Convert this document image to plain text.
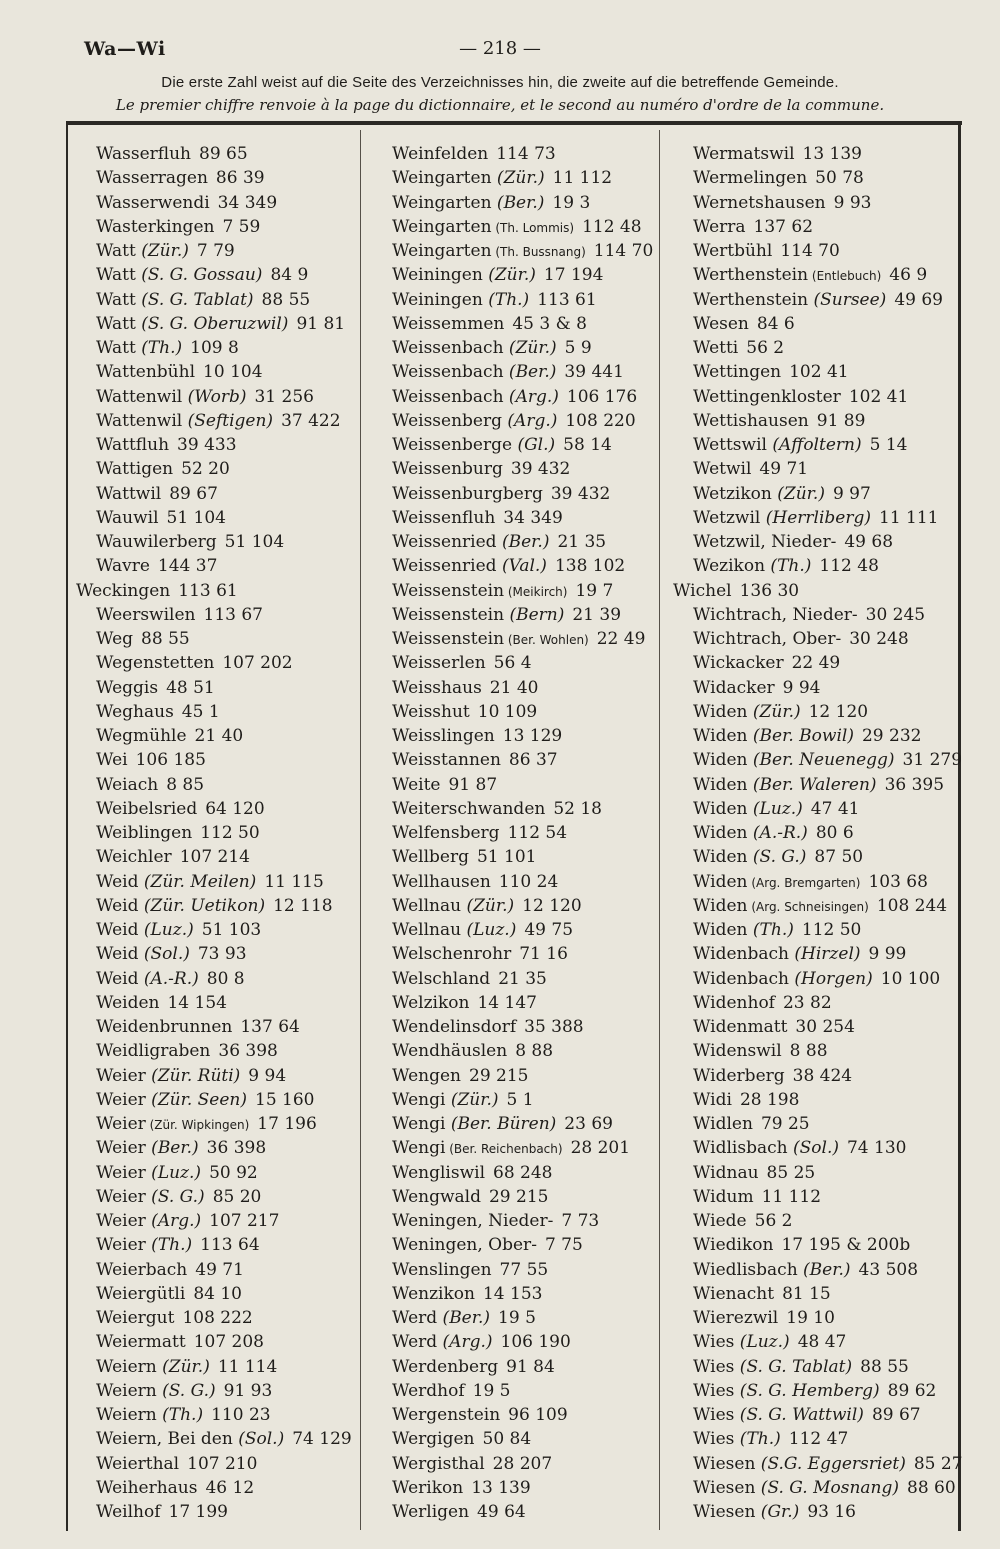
Wa—Wi	— 218 —
Die erste Zahl weist auf die Seite des Verzeichnisses hin, die zweite auf die betreffende Gemeinde.
Le premier chiffre renvoie à la page du dictionnaire, et le second au numéro d'ordre de la commune.
Wasserfluh 89 65
Wasserragen 86 39
Wasserwendi 34 349
Wasterkingen 7 59
Watt (Zür.) 7 79
Watt (S. G. Gossau) 84 9
Watt (S. G. Tablat) 88 55
Watt (S. G. Oberuzwil) 91 81
Watt (Th.) 109 8
Wattenbühl 10 104
Wattenwil (Worb) 31 256
Wattenwil (Seftigen) 37 422
Wattfluh 39 433
Wattigen 52 20
Wattwil 89 67
Wauwil 51 104
Wauwilerberg 51 104
Wavre 144 37
Weckingen 113 61
Weerswilen 113 67
Weg 88 55
Wegenstetten 107 202
Weggis 48 51
Weghaus 45 1
Wegmühle 21 40
Wei 106 185
Weiach 8 85
Weibelsried 64 120
Weiblingen 112 50
Weichler 107 214
Weid (Zür. Meilen) 11 115
Weid (Zür. Uetikon) 12 118
Weid (Luz.) 51 103
Weid (Sol.) 73 93
Weid (A.-R.) 80 8
Weiden 14 154
Weidenbrunnen 137 64
Weidligraben 36 398
Weier (Zür. Rüti) 9 94
Weier (Zür. Seen) 15 160
Weier (Zür. Wipkingen) 17 196
Weier (Ber.) 36 398
Weier (Luz.) 50 92
Weier (S. G.) 85 20
Weier (Arg.) 107 217
Weier (Th.) 113 64
Weierbach 49 71
Weiergütli 84 10
Weiergut 108 222
Weiermatt 107 208
Weiern (Zür.) 11 114
Weiern (S. G.) 91 93
Weiern (Th.) 110 23
Weiern, Bei den (Sol.) 74 129
Weierthal 107 210
Weiherhaus 46 12
Weilhof 17 199
Weinfelden 114 73
Weingarten (Zür.) 11 112
Weingarten (Ber.) 19 3
Weingarten (Th. Lommis) 112 48
Weingarten (Th. Bussnang) 114 70
Weiningen (Zür.) 17 194
Weiningen (Th.) 113 61
Weissemmen 45 3 & 8
Weissenbach (Zür.) 5 9
Weissenbach (Ber.) 39 441
Weissenbach (Arg.) 106 176
Weissenberg (Arg.) 108 220
Weissenberge (Gl.) 58 14
Weissenburg 39 432
Weissenburgberg 39 432
Weissenfluh 34 349
Weissenried (Ber.) 21 35
Weissenried (Val.) 138 102
Weissenstein (Meikirch) 19 7
Weissenstein (Bern) 21 39
Weissenstein (Ber. Wohlen) 22 49
Weisserlen 56 4
Weisshaus 21 40
Weisshut 10 109
Weisslingen 13 129
Weisstannen 86 37
Weite 91 87
Weiterschwanden 52 18
Welfensberg 112 54
Wellberg 51 101
Wellhausen 110 24
Wellnau (Zür.) 12 120
Wellnau (Luz.) 49 75
Welschenrohr 71 16
Welschland 21 35
Welzikon 14 147
Wendelinsdorf 35 388
Wendhäuslen 8 88
Wengen 29 215
Wengi (Zür.) 5 1
Wengi (Ber. Büren) 23 69
Wengi (Ber. Reichenbach) 28 201
Wengliswil 68 248
Wengwald 29 215
Weningen, Nieder- 7 73
Weningen, Ober- 7 75
Wenslingen 77 55
Wenzikon 14 153
Werd (Ber.) 19 5
Werd (Arg.) 106 190
Werdenberg 91 84
Werdhof 19 5
Wergenstein 96 109
Wergigen 50 84
Wergisthal 28 207
Werikon 13 139
Werligen 49 64
Wermatswil 13 139
Wermelingen 50 78
Wernetshausen 9 93
Werra 137 62
Wertbühl 114 70
Werthenstein (Entlebuch) 46 9
Werthenstein (Sursee) 49 69
Wesen 84 6
Wetti 56 2
Wettingen 102 41
Wettingenkloster 102 41
Wettishausen 91 89
Wettswil (Affoltern) 5 14
Wetwil 49 71
Wetzikon (Zür.) 9 97
Wetzwil (Herrliberg) 11 111
Wetzwil, Nieder- 49 68
Wezikon (Th.) 112 48
Wichel 136 30
Wichtrach, Nieder- 30 245
Wichtrach, Ober- 30 248
Wickacker 22 49
Widacker 9 94
Widen (Zür.) 12 120
Widen (Ber. Bowil) 29 232
Widen (Ber. Neuenegg) 31 279
Widen (Ber. Waleren) 36 395
Widen (Luz.) 47 41
Widen (A.-R.) 80 6
Widen (S. G.) 87 50
Widen (Arg. Bremgarten) 103 68
Widen (Arg. Schneisingen) 108 244
Widen (Th.) 112 50
Widenbach (Hirzel) 9 99
Widenbach (Horgen) 10 100
Widenhof 23 82
Widenmatt 30 254
Widenswil 8 88
Widerberg 38 424
Widi 28 198
Widlen 79 25
Widlisbach (Sol.) 74 130
Widnau 85 25
Widum 11 112
Wiede 56 2
Wiedikon 17 195 & 200b
Wiedlisbach (Ber.) 43 508
Wienacht 81 15
Wierezwil 19 10
Wies (Luz.) 48 47
Wies (S. G. Tablat) 88 55
Wies (S. G. Hemberg) 89 62
Wies (S. G. Wattwil) 89 67
Wies (Th.) 112 47
Wiesen (S.G. Eggersriet) 85 27
Wiesen (S. G. Mosnang) 88 60
Wiesen (Gr.) 93 16
